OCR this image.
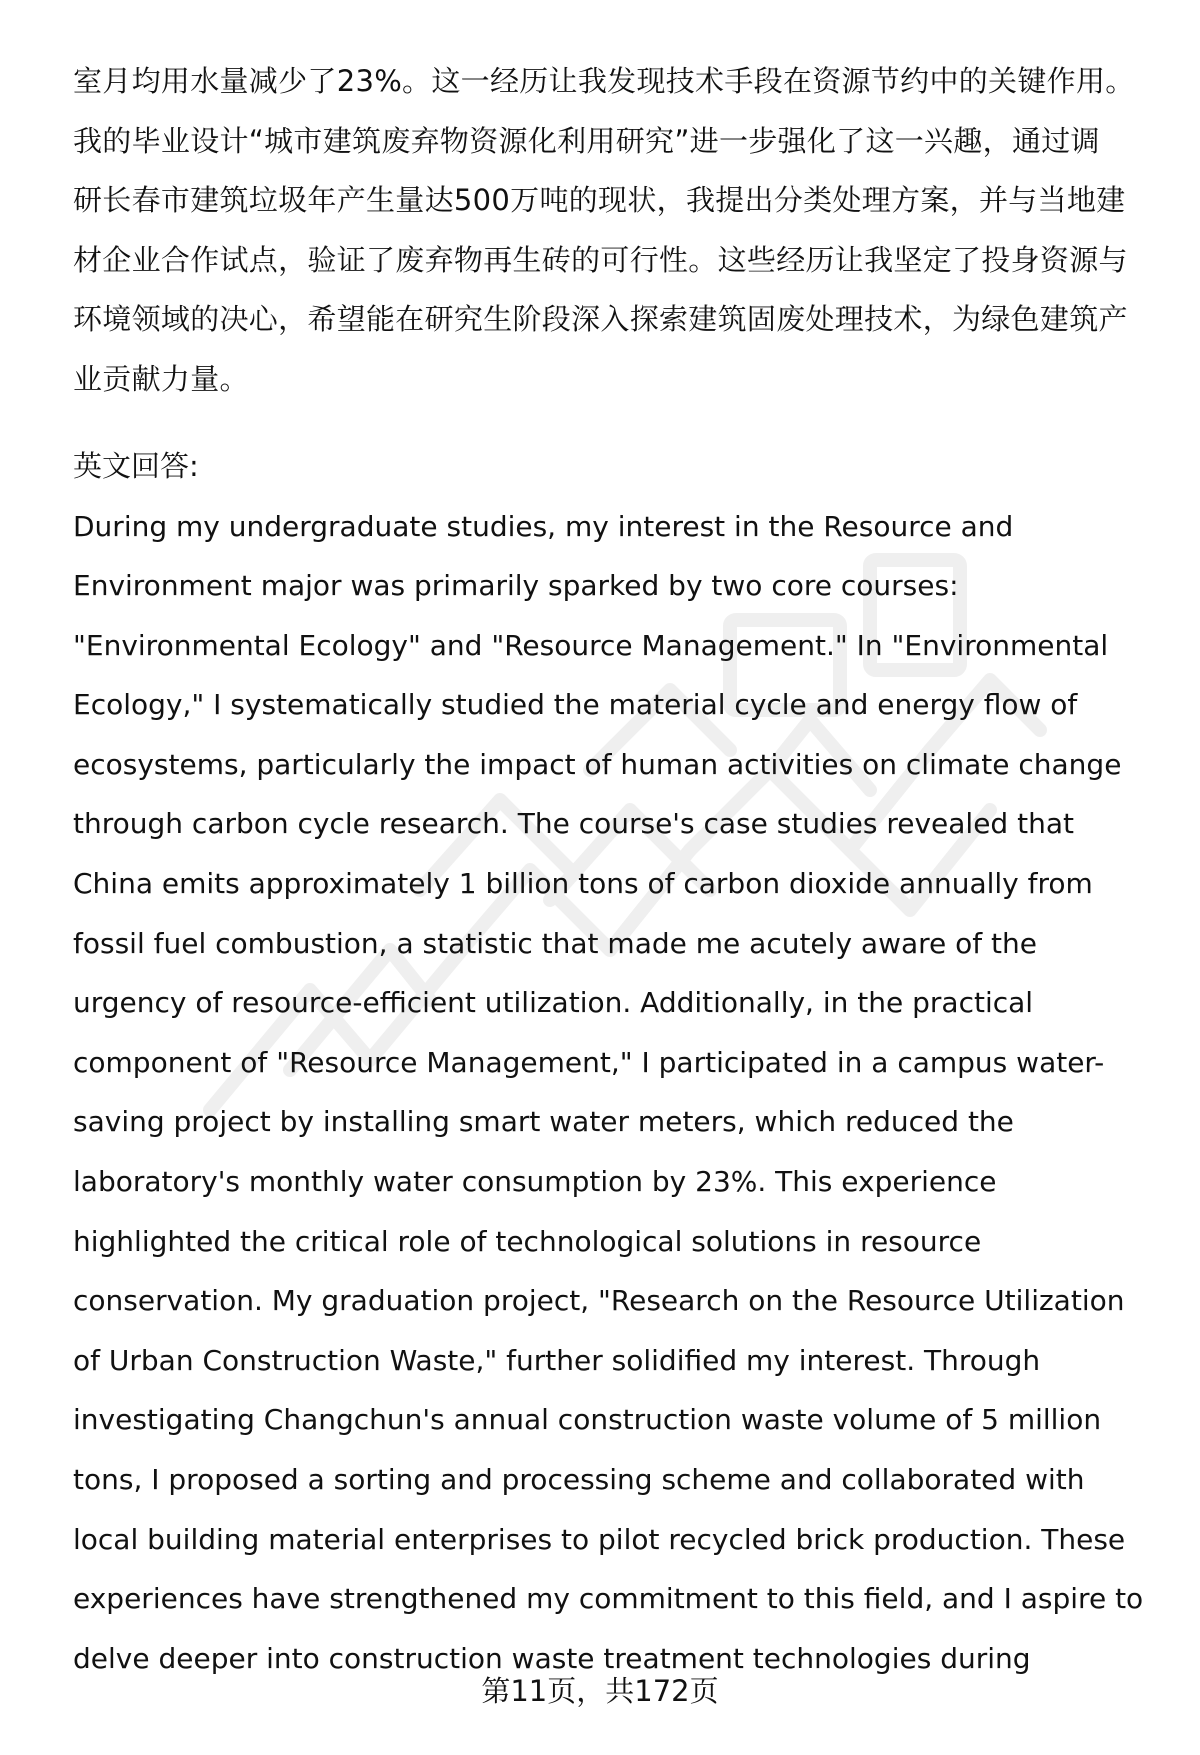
室月均用水量减少了23%。这一经历让我发现技术手段在资源节约中的关键作用。
我的毕业设计“城市建筑废弃物资源化利用研究”进一步强化了这一兴趣，通过调
研长春市建筑垃圾年产生量达500万吨的现状，我提出分类处理方案，并与当地建
材企业合作试点，验证了废弃物再生砖的可行性。这些经历让我坚定了投身资源与
环境领域的决心，希望能在研究生阶段深入探索建筑固废处理技术，为绿色建筑产
业贡献力量。

英文回答:

During my undergraduate studies, my interest in the Resource and
Environment major was primarily sparked by two core courses:
"Environmental Ecology" and "Resource Management." In "Environmental
Ecology," I systematically studied the material cycle and energy flow of
ecosystems, particularly the impact of human activities on climate change
through carbon cycle research. The course's case studies revealed that
China emits approximately 1 billion tons of carbon dioxide annually from
fossil fuel combustion, a statistic that made me acutely aware of the
urgency of resource-efficient utilization. Additionally, in the practical
component of "Resource Management," I participated in a campus water-
saving project by installing smart water meters, which reduced the
laboratory's monthly water consumption by 23%. This experience
highlighted the critical role of technological solutions in resource
conservation. My graduation project, "Research on the Resource Utilization
of Urban Construction Waste," further solidified my interest. Through
investigating Changchun's annual construction waste volume of 5 million
tons, I proposed a sorting and processing scheme and collaborated with
local building material enterprises to pilot recycled brick production. These
experiences have strengthened my commitment to this field, and I aspire to
delve deeper into construction waste treatment technologies during

第11页，共172页
